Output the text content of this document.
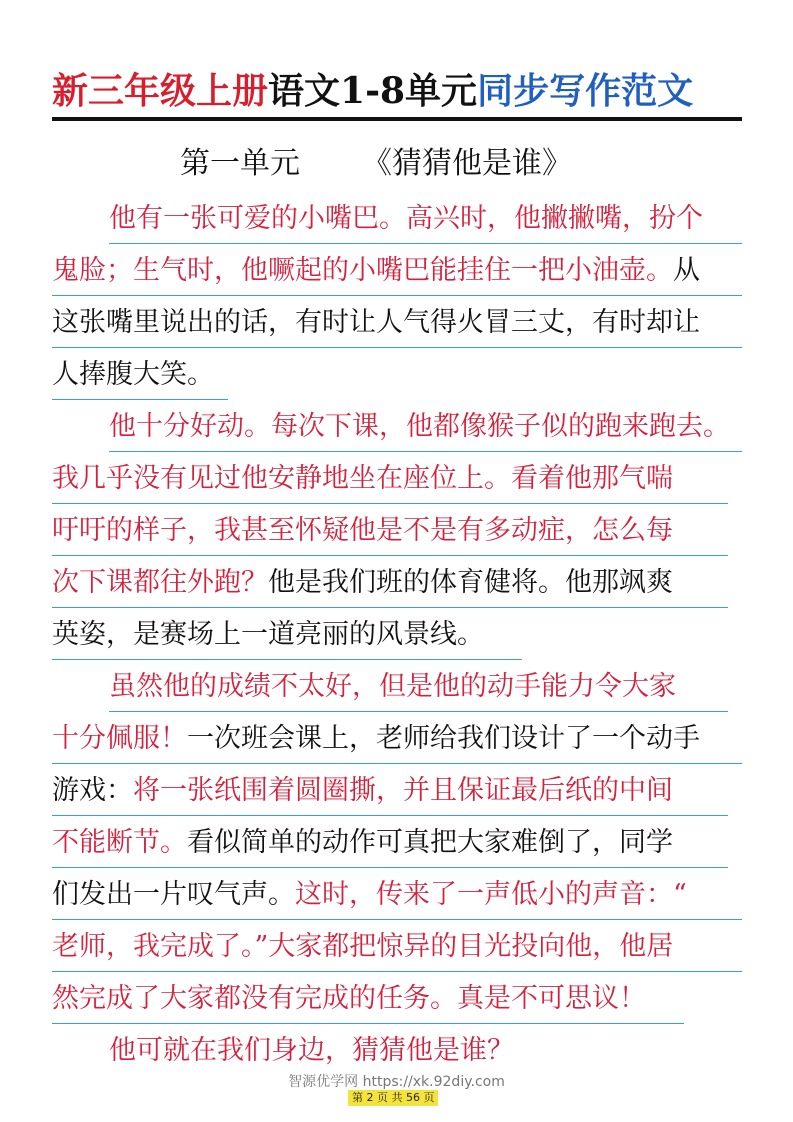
新三年级上册语文1-8单元同步写作范文
第一单元 《猜猜他是谁》
他有一张可爱的小嘴巴。高兴时，他撇撇嘴，扮个
鬼脸；生气时，他噘起的小嘴巴能挂住一把小油壶。从
这张嘴里说出的话，有时让人气得火冒三丈，有时却让
人捧腹大笑。
他十分好动。每次下课，他都像猴子似的跑来跑去。
我几乎没有见过他安静地坐在座位上。看着他那气喘
吁吁的样子，我甚至怀疑他是不是有多动症，怎么每
次下课都往外跑？他是我们班的体育健将。他那飒爽
英姿，是赛场上一道亮丽的风景线。
虽然他的成绩不太好，但是他的动手能力令大家
十分佩服！一次班会课上，老师给我们设计了一个动手
游戏：将一张纸围着圆圈撕，并且保证最后纸的中间
不能断节。看似简单的动作可真把大家难倒了，同学
们发出一片叹气声。这时，传来了一声低小的声音：“
老师，我完成了。”大家都把惊异的目光投向他，他居
然完成了大家都没有完成的任务。真是不可思议！
他可就在我们身边，猜猜他是谁？
智源优学网 https://xk.92diy.com
第 2 页 共 56 页
